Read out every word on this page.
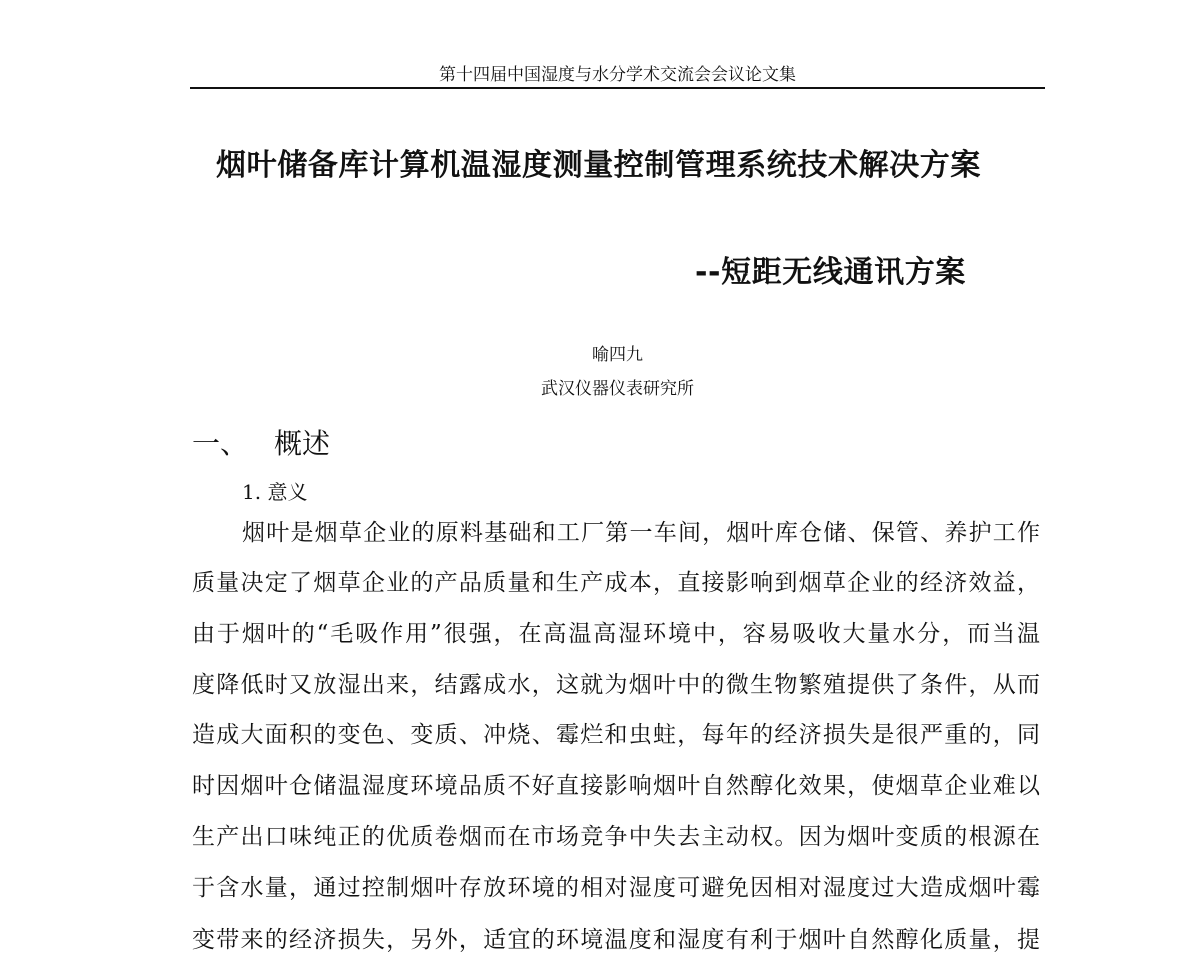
第十四届中国湿度与水分学术交流会会议论文集
烟叶储备库计算机温湿度测量控制管理系统技术解决方案
--短距无线通讯方案
喻四九
武汉仪器仪表研究所
一、 概述
1. 意义
烟叶是烟草企业的原料基础和工厂第一车间，烟叶库仓储、保管、养护工作
质量决定了烟草企业的产品质量和生产成本，直接影响到烟草企业的经济效益，
由于烟叶的“毛吸作用”很强，在高温高湿环境中，容易吸收大量水分，而当温
度降低时又放湿出来，结露成水，这就为烟叶中的微生物繁殖提供了条件，从而
造成大面积的变色、变质、冲烧、霉烂和虫蛀，每年的经济损失是很严重的，同
时因烟叶仓储温湿度环境品质不好直接影响烟叶自然醇化效果，使烟草企业难以
生产出口味纯正的优质卷烟而在市场竞争中失去主动权。因为烟叶变质的根源在
于含水量，通过控制烟叶存放环境的相对湿度可避免因相对湿度过大造成烟叶霉
变带来的经济损失，另外，适宜的环境温度和湿度有利于烟叶自然醇化质量，提
